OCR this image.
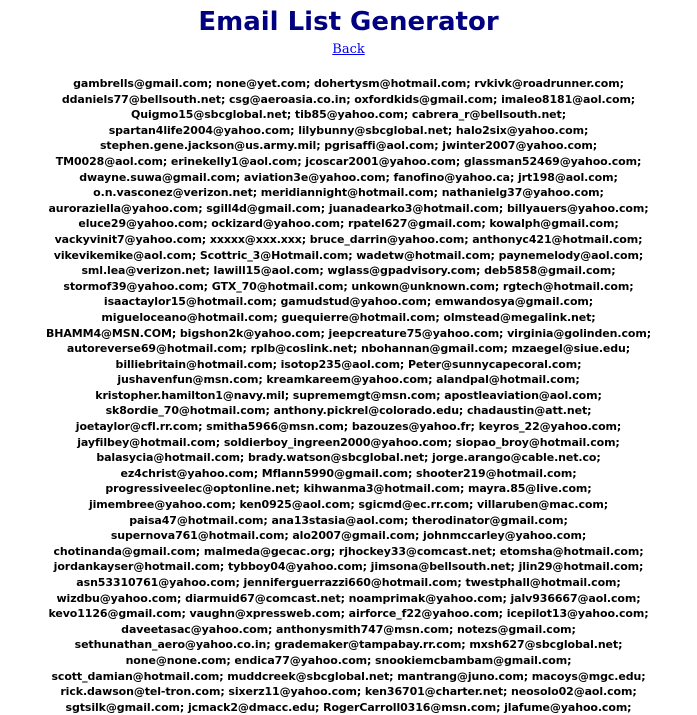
Email List Generator
Back
gambrells@gmail.com; none@yet.com; dohertysm@hotmail.com; rvkivk@roadrunner.com;
ddaniels77@bellsouth.net; csg@aeroasia.co.in; oxfordkids@gmail.com; imaleo8181@aol.com;
Quigmo15@sbcglobal.net; tib85@yahoo.com; cabrera_r@bellsouth.net;
spartan4life2004@yahoo.com; lilybunny@sbcglobal.net; halo2six@yahoo.com;
stephen.gene.jackson@us.army.mil; pgrisaffi@aol.com; jwinter2007@yahoo.com;
TM0028@aol.com; erinekelly1@aol.com; jcoscar2001@yahoo.com; glassman52469@yahoo.com;
dwayne.suwa@gmail.com; aviation3e@yahoo.com; fanofino@yahoo.ca; jrt198@aol.com;
o.n.vasconez@verizon.net; meridiannight@hotmail.com; nathanielg37@yahoo.com;
auroraziella@yahoo.com; sgill4d@gmail.com; juanadearko3@hotmail.com; billyauers@yahoo.com;
eluce29@yahoo.com; ockizard@yahoo.com; rpatel627@gmail.com; kowalph@gmail.com;
vackyvinit7@yahoo.com; xxxxx@xxx.xxx; bruce_darrin@yahoo.com; anthonyc421@hotmail.com;
vikevikemike@aol.com; Scottric_3@Hotmail.com; wadetw@hotmail.com; paynemelody@aol.com;
sml.lea@verizon.net; lawill15@aol.com; wglass@gpadvisory.com; deb5858@gmail.com;
stormof39@yahoo.com; GTX_70@hotmail.com; unkown@unknown.com; rgtech@hotmail.com;
isaactaylor15@hotmail.com; gamudstud@yahoo.com; emwandosya@gmail.com;
migueloceano@hotmail.com; guequierre@hotmail.com; olmstead@megalink.net;
BHAMM4@MSN.COM; bigshon2k@yahoo.com; jeepcreature75@yahoo.com; virginia@golinden.com;
autoreverse69@hotmail.com; rplb@coslink.net; nbohannan@gmail.com; mzaegel@siue.edu;
billiebritain@hotmail.com; isotop235@aol.com; Peter@sunnycapecoral.com;
jushavenfun@msn.com; kreamkareem@yahoo.com; alandpal@hotmail.com;
kristopher.hamilton1@navy.mil; suprememgt@msn.com; apostleaviation@aol.com;
sk8ordie_70@hotmail.com; anthony.pickrel@colorado.edu; chadaustin@att.net;
joetaylor@cfl.rr.com; smitha5966@msn.com; bazouzes@yahoo.fr; keyros_22@yahoo.com;
jayfilbey@hotmail.com; soldierboy_ingreen2000@yahoo.com; siopao_broy@hotmail.com;
balasycia@hotmail.com; brady.watson@sbcglobal.net; jorge.arango@cable.net.co;
ez4christ@yahoo.com; Mflann5990@gmail.com; shooter219@hotmail.com;
progressiveelec@optonline.net; kihwanma3@hotmail.com; mayra.85@live.com;
jimembree@yahoo.com; ken0925@aol.com; sgicmd@ec.rr.com; villaruben@mac.com;
paisa47@hotmail.com; ana13stasia@aol.com; therodinator@gmail.com;
supernova761@hotmail.com; alo2007@gmail.com; johnmccarley@yahoo.com;
chotinanda@gmail.com; malmeda@gecac.org; rjhockey33@comcast.net; etomsha@hotmail.com;
jordankayser@hotmail.com; tybboy04@yahoo.com; jimsona@bellsouth.net; jlin29@hotmail.com;
asn53310761@yahoo.com; jenniferguerrazzi660@hotmail.com; twestphall@hotmail.com;
wizdbu@yahoo.com; diarmuid67@comcast.net; noamprimak@yahoo.com; jalv936667@aol.com;
kevo1126@gmail.com; vaughn@xpressweb.com; airforce_f22@yahoo.com; icepilot13@yahoo.com;
daveetasac@yahoo.com; anthonysmith747@msn.com; notezs@gmail.com;
sethunathan_aero@yahoo.co.in; grademaker@tampabay.rr.com; mxsh627@sbcglobal.net;
none@none.com; endica77@yahoo.com; snookiemcbambam@gmail.com;
scott_damian@hotmail.com; muddcreek@sbcglobal.net; mantrang@juno.com; macoys@mgc.edu;
rick.dawson@tel-tron.com; sixerz11@yahoo.com; ken36701@charter.net; neosolo02@aol.com;
sgtsilk@gmail.com; jcmack2@dmacc.edu; RogerCarroll0316@msn.com; jlafume@yahoo.com;
